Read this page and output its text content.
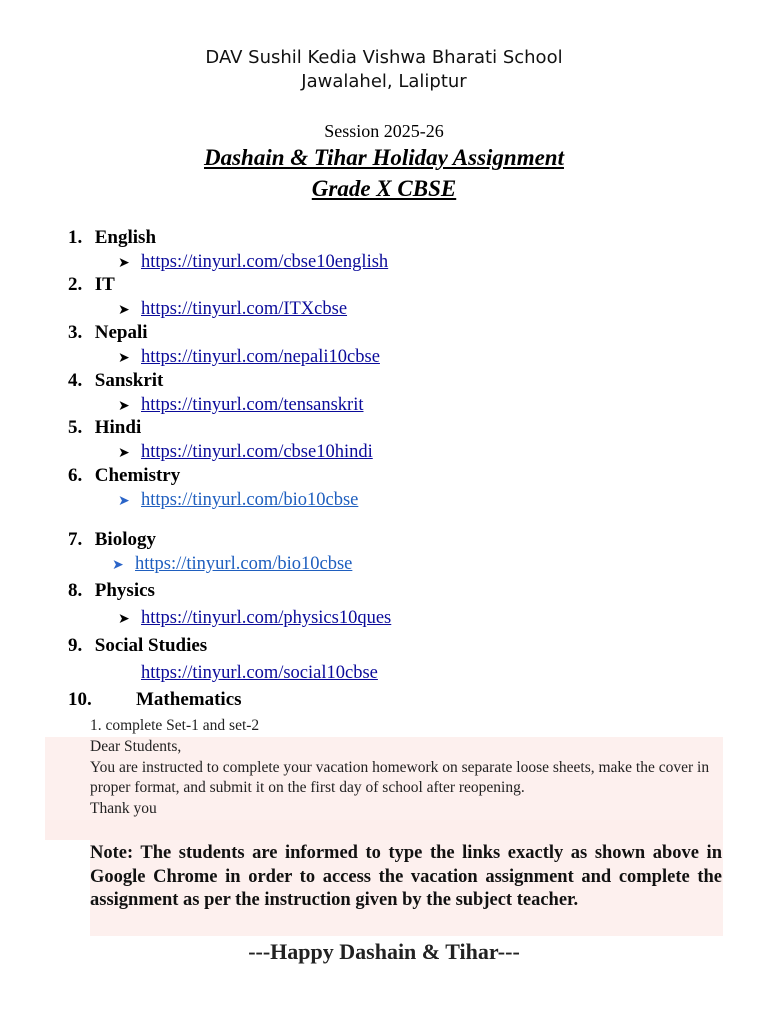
DAV Sushil Kedia Vishwa Bharati School
Jawalahel, Laliptur
Session 2025-26
Dashain & Tihar Holiday Assignment
Grade X CBSE
1. English
➤ https://tinyurl.com/cbse10english
2. IT
➤ https://tinyurl.com/ITXcbse
3. Nepali
➤ https://tinyurl.com/nepali10cbse
4. Sanskrit
➤ https://tinyurl.com/tensanskrit
5. Hindi
➤ https://tinyurl.com/cbse10hindi
6. Chemistry
➤ https://tinyurl.com/bio10cbse
7. Biology
➤ https://tinyurl.com/bio10cbse
8. Physics
➤ https://tinyurl.com/physics10ques
9. Social Studies
https://tinyurl.com/social10cbse
10. Mathematics
1. complete Set-1 and set-2
Dear Students,
You are instructed to complete your vacation homework on separate loose sheets, make the cover in proper format, and submit it on the first day of school after reopening.
Thank you
Note: The students are informed to type the links exactly as shown above in Google Chrome in order to access the vacation assignment and complete the assignment as per the instruction given by the subject teacher.
---Happy Dashain & Tihar---
